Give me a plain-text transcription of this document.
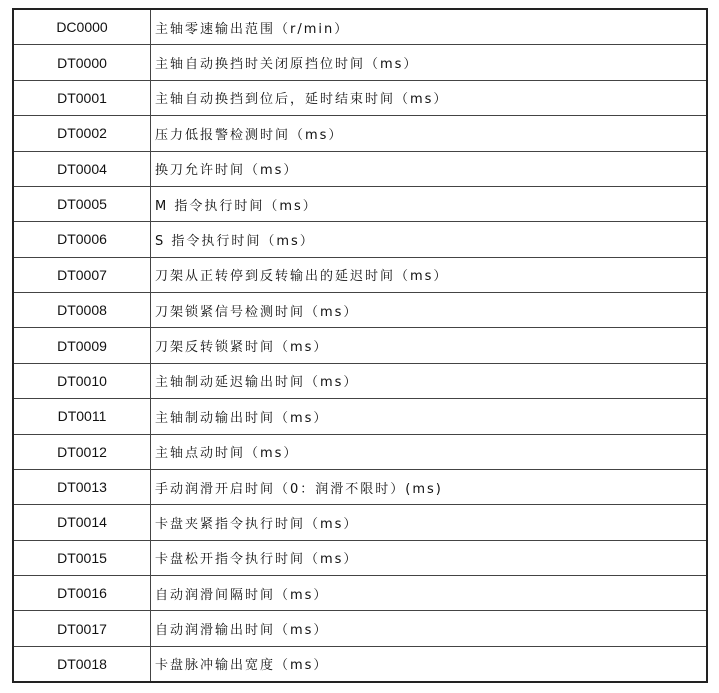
DC0000	主轴零速输出范围（r/min）
DT0000	主轴自动换挡时关闭原挡位时间（ms）
DT0001	主轴自动换挡到位后，延时结束时间（ms）
DT0002	压力低报警检测时间（ms）
DT0004	换刀允许时间（ms）
DT0005	M 指令执行时间（ms）
DT0006	S 指令执行时间（ms）
DT0007	刀架从正转停到反转输出的延迟时间（ms）
DT0008	刀架锁紧信号检测时间（ms）
DT0009	刀架反转锁紧时间（ms）
DT0010	主轴制动延迟输出时间（ms）
DT0011	主轴制动输出时间（ms）
DT0012	主轴点动时间（ms）
DT0013	手动润滑开启时间（0：润滑不限时）(ms)
DT0014	卡盘夹紧指令执行时间（ms）
DT0015	卡盘松开指令执行时间（ms）
DT0016	自动润滑间隔时间（ms）
DT0017	自动润滑输出时间（ms）
DT0018	卡盘脉冲输出宽度（ms）
